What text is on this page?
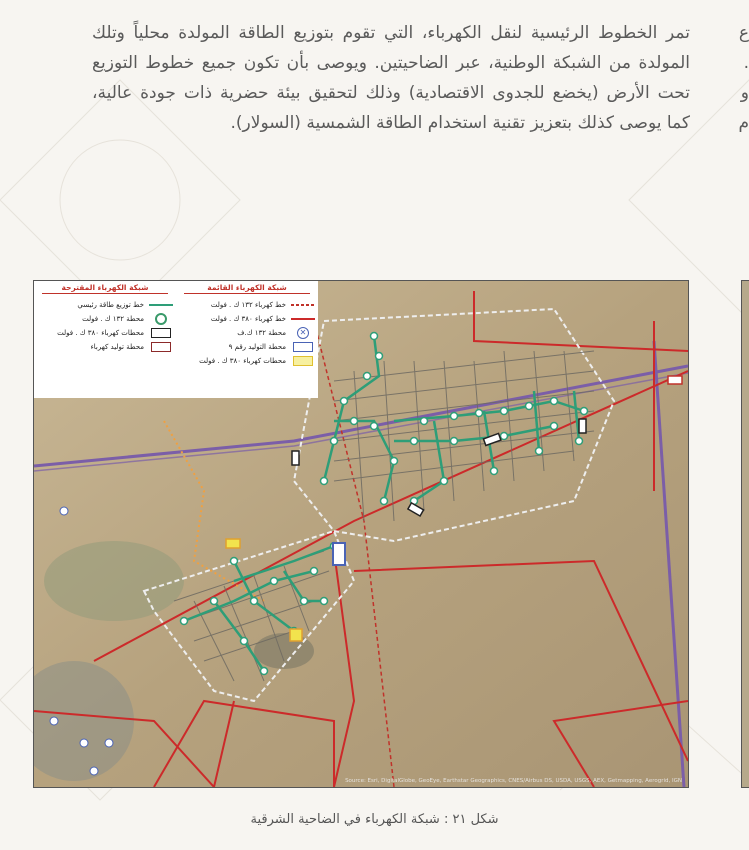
تمر الخطوط الرئيسية لنقل الكهرباء، التي تقوم بتوزيع الطاقة المولدة محلياً وتلك المولدة من الشبكة الوطنية، عبر الضاحيتين. ويوصى بأن تكون جميع خطوط التوزيع تحت الأرض (يخضع للجدوى الاقتصادية) وذلك لتحقيق بيئة حضرية ذات جودة عالية، كما يوصى كذلك بتعزيز تقنية استخدام الطاقة الشمسية (السولار).

ع
.
و
م
شبكة الكهرباء المقترحة
خط توزيع طاقة رئيسي
محطة ١٣٢ ك . فولت
محطات كهرباء ٣٨٠ ك . فولت
محطة توليد كهرباء
شبكة الكهرباء القائمة
خط كهرباء ١٣٢ ك . فولت
خط كهرباء ٣٨٠ ك . فولت
✕
محطة ١٣٢ ك.ف
محطة التوليد رقم ٩
محطات كهرباء ٣٨٠ ك . فولت
Source: Esri, DigitalGlobe, GeoEye, Earthstar Geographics, CNES/Airbus DS, USDA, USGS, AEX, Getmapping, Aerogrid, IGN
شكل ٢١ : شبكة الكهرباء في الضاحية الشرقية
